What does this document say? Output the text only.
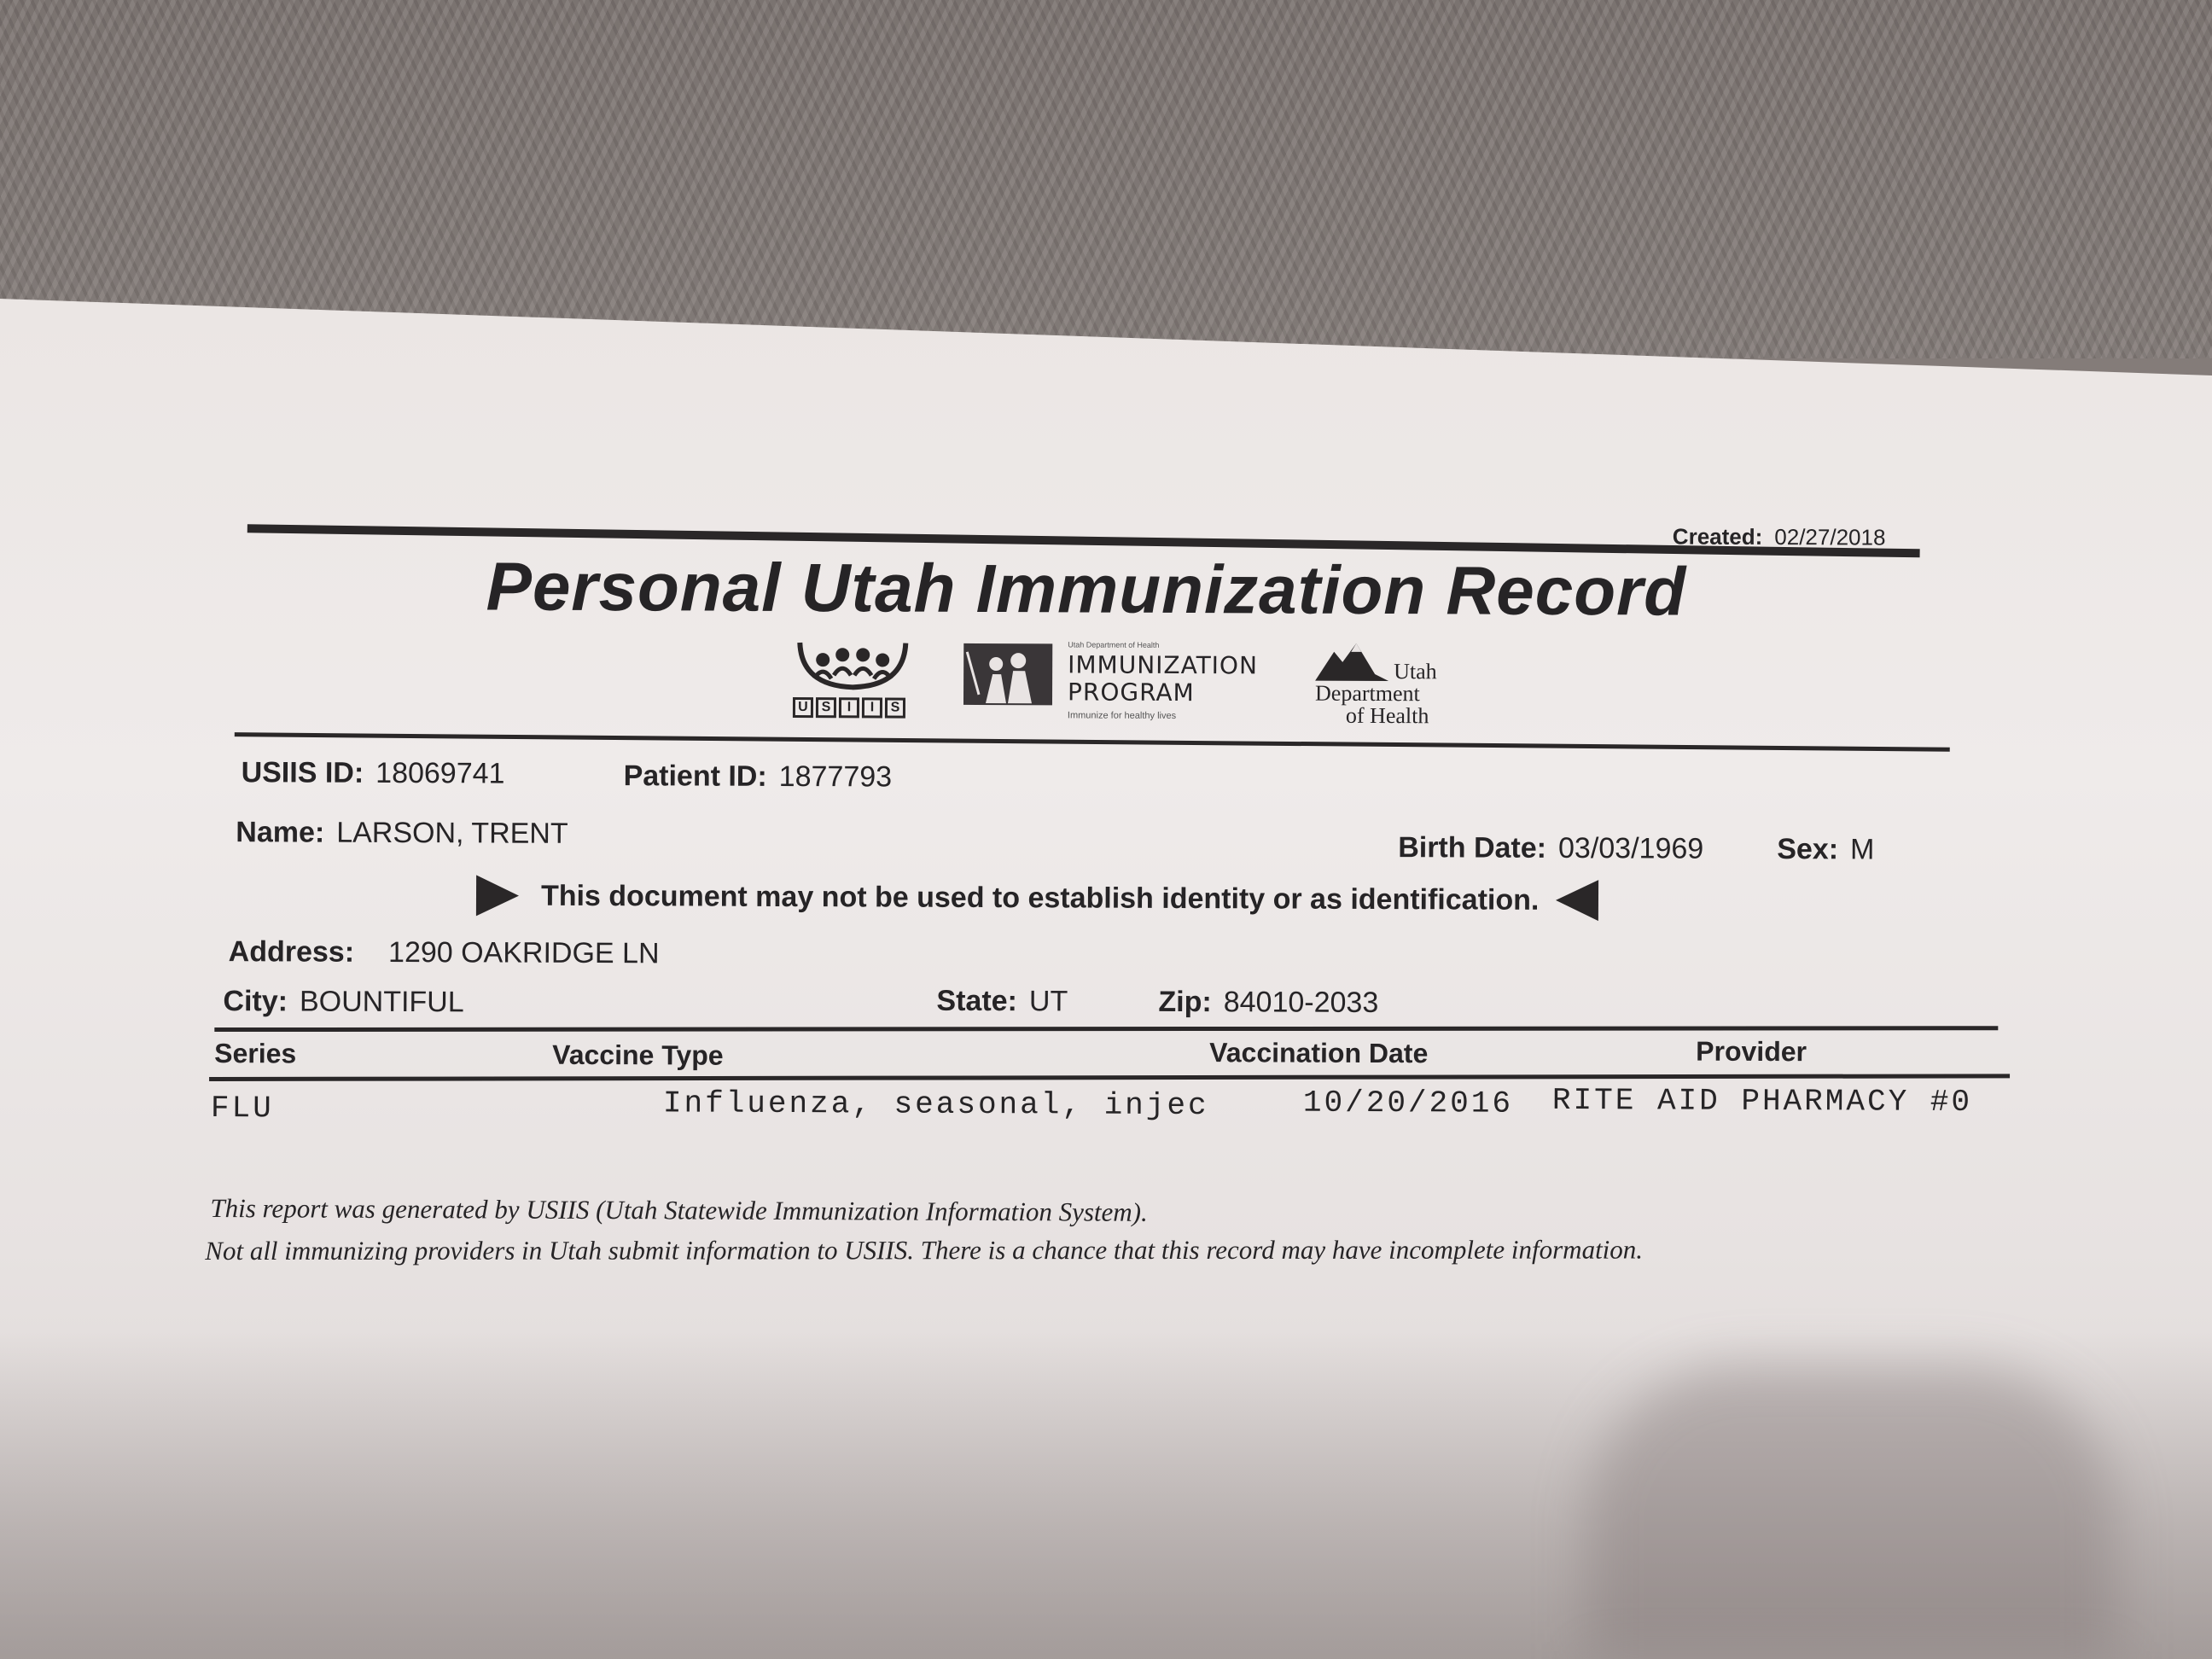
Created: 02/27/2018
Personal Utah Immunization Record
U S	I	I	S
Utah Department of Health
IMMUNIZATION
PROGRAM
Immunize for healthy lives
Utah
Department
of Health
USIIS ID: 18069741	Patient ID: 1877793
Name: LARSON, TRENT	Birth Date: 03/03/1969	Sex: M
This document may not be used to establish identity or as identification.
Address: 1290 OAKRIDGE LN
City: BOUNTIFUL	State: UT	Zip: 84010-2033
Series	Vaccine Type	Vaccination Date	Provider
FLU	Influenza, seasonal, injec	10/20/2016 RITE AID PHARMACY #0
This report was generated by USIIS (Utah Statewide Immunization Information System).
Not all immunizing providers in Utah submit information to USIIS. There is a chance that this record may have incomplete information.
